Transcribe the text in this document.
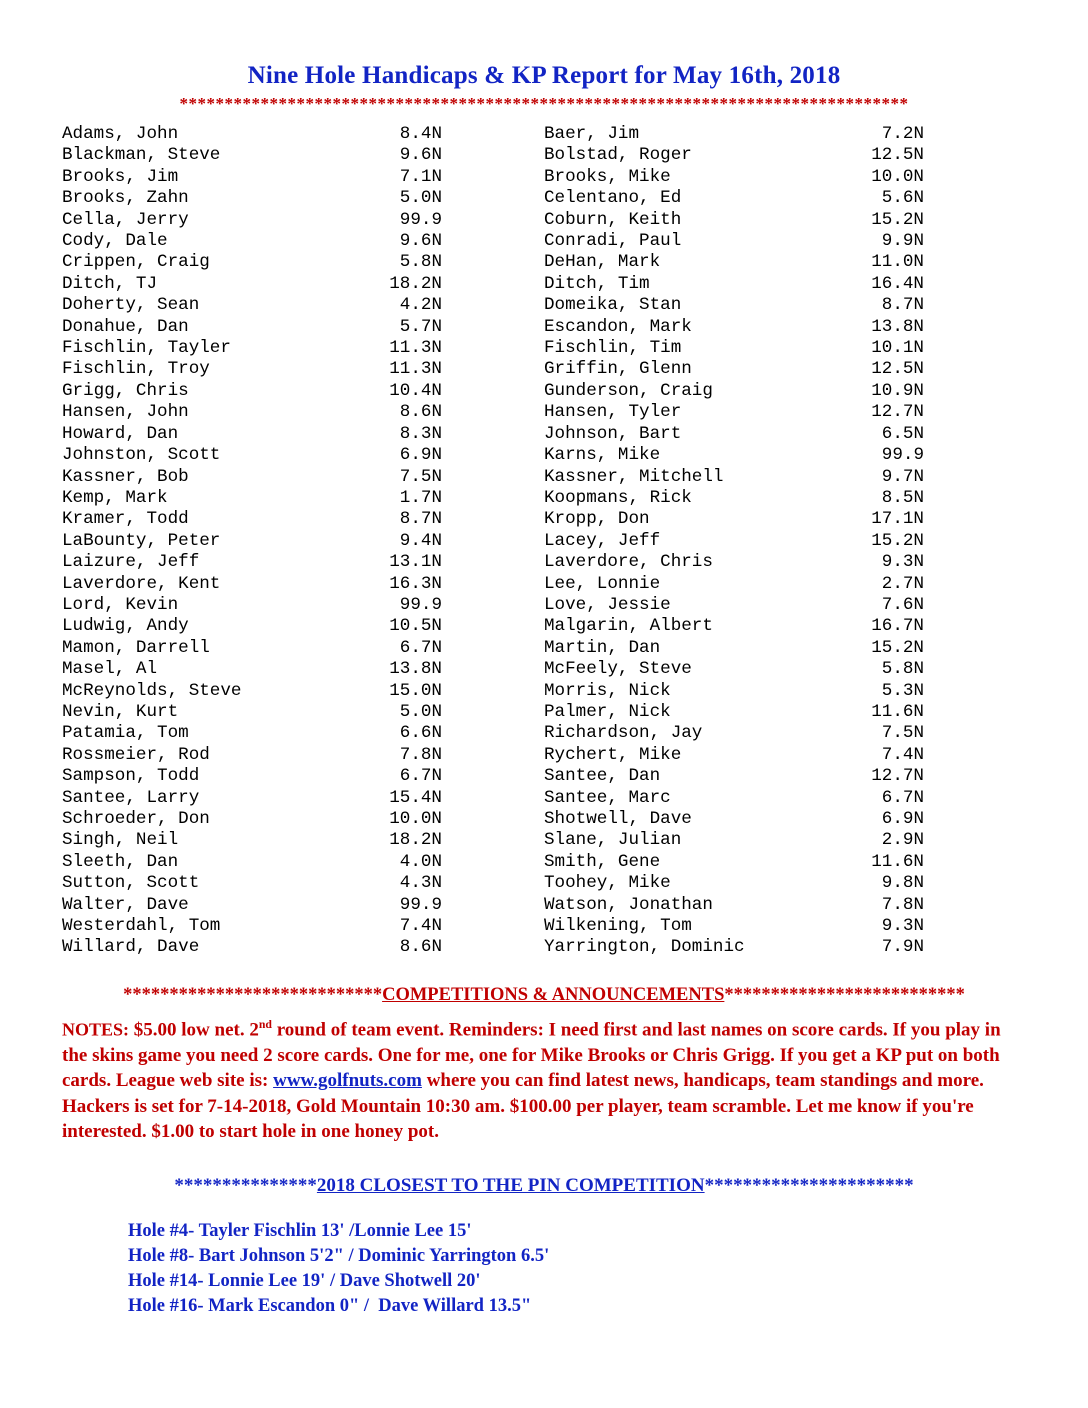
Nine Hole Handicaps & KP Report for May 16th, 2018
*********************************************************************************
Adams, John	8.4N	Baer, Jim	7.2N
Blackman, Steve	9.6N	Bolstad, Roger	12.5N
Brooks, Jim	7.1N	Brooks, Mike	10.0N
Brooks, Zahn	5.0N	Celentano, Ed	5.6N
Cella, Jerry	99.9	Coburn, Keith	15.2N
Cody, Dale	9.6N	Conradi, Paul	9.9N
Crippen, Craig	5.8N	DeHan, Mark	11.0N
Ditch, TJ	18.2N	Ditch, Tim	16.4N
Doherty, Sean	4.2N	Domeika, Stan	8.7N
Donahue, Dan	5.7N	Escandon, Mark	13.8N
Fischlin, Tayler	11.3N	Fischlin, Tim	10.1N
Fischlin, Troy	11.3N	Griffin, Glenn	12.5N
Grigg, Chris	10.4N	Gunderson, Craig	10.9N
Hansen, John	8.6N	Hansen, Tyler	12.7N
Howard, Dan	8.3N	Johnson, Bart	6.5N
Johnston, Scott	6.9N	Karns, Mike	99.9
Kassner, Bob	7.5N	Kassner, Mitchell	9.7N
Kemp, Mark	1.7N	Koopmans, Rick	8.5N
Kramer, Todd	8.7N	Kropp, Don	17.1N
LaBounty, Peter	9.4N	Lacey, Jeff	15.2N
Laizure, Jeff	13.1N	Laverdore, Chris	9.3N
Laverdore, Kent	16.3N	Lee, Lonnie	2.7N
Lord, Kevin	99.9	Love, Jessie	7.6N
Ludwig, Andy	10.5N	Malgarin, Albert	16.7N
Mamon, Darrell	6.7N	Martin, Dan	15.2N
Masel, Al	13.8N	McFeely, Steve	5.8N
McReynolds, Steve	15.0N	Morris, Nick	5.3N
Nevin, Kurt	5.0N	Palmer, Nick	11.6N
Patamia, Tom	6.6N	Richardson, Jay	7.5N
Rossmeier, Rod	7.8N	Rychert, Mike	7.4N
Sampson, Todd	6.7N	Santee, Dan	12.7N
Santee, Larry	15.4N	Santee, Marc	6.7N
Schroeder, Don	10.0N	Shotwell, Dave	6.9N
Singh, Neil	18.2N	Slane, Julian	2.9N
Sleeth, Dan	4.0N	Smith, Gene	11.6N
Sutton, Scott	4.3N	Toohey, Mike	9.8N
Walter, Dave	99.9	Watson, Jonathan	7.8N
Westerdahl, Tom	7.4N	Wilkening, Tom	9.3N
Willard, Dave	8.6N	Yarrington, Dominic	7.9N
****************************COMPETITIONS & ANNOUNCEMENTS**************************
NOTES: $5.00 low net. 2nd round of team event. Reminders: I need first and last names on score cards. If you play in the skins game you need 2 score cards. One for me, one for Mike Brooks or Chris Grigg. If you get a KP put on both cards. League web site is: www.golfnuts.com where you can find latest news, handicaps, team standings and more. Hackers is set for 7-14-2018, Gold Mountain 10:30 am. $100.00 per player, team scramble. Let me know if you're interested. $1.00 to start hole in one honey pot.
***************2018 CLOSEST TO THE PIN COMPETITION**********************
Hole #4- Tayler Fischlin 13' /Lonnie Lee 15'
Hole #8- Bart Johnson 5'2" / Dominic Yarrington 6.5'
Hole #14- Lonnie Lee 19' / Dave Shotwell 20'
Hole #16- Mark Escandon 0" /  Dave Willard 13.5"
